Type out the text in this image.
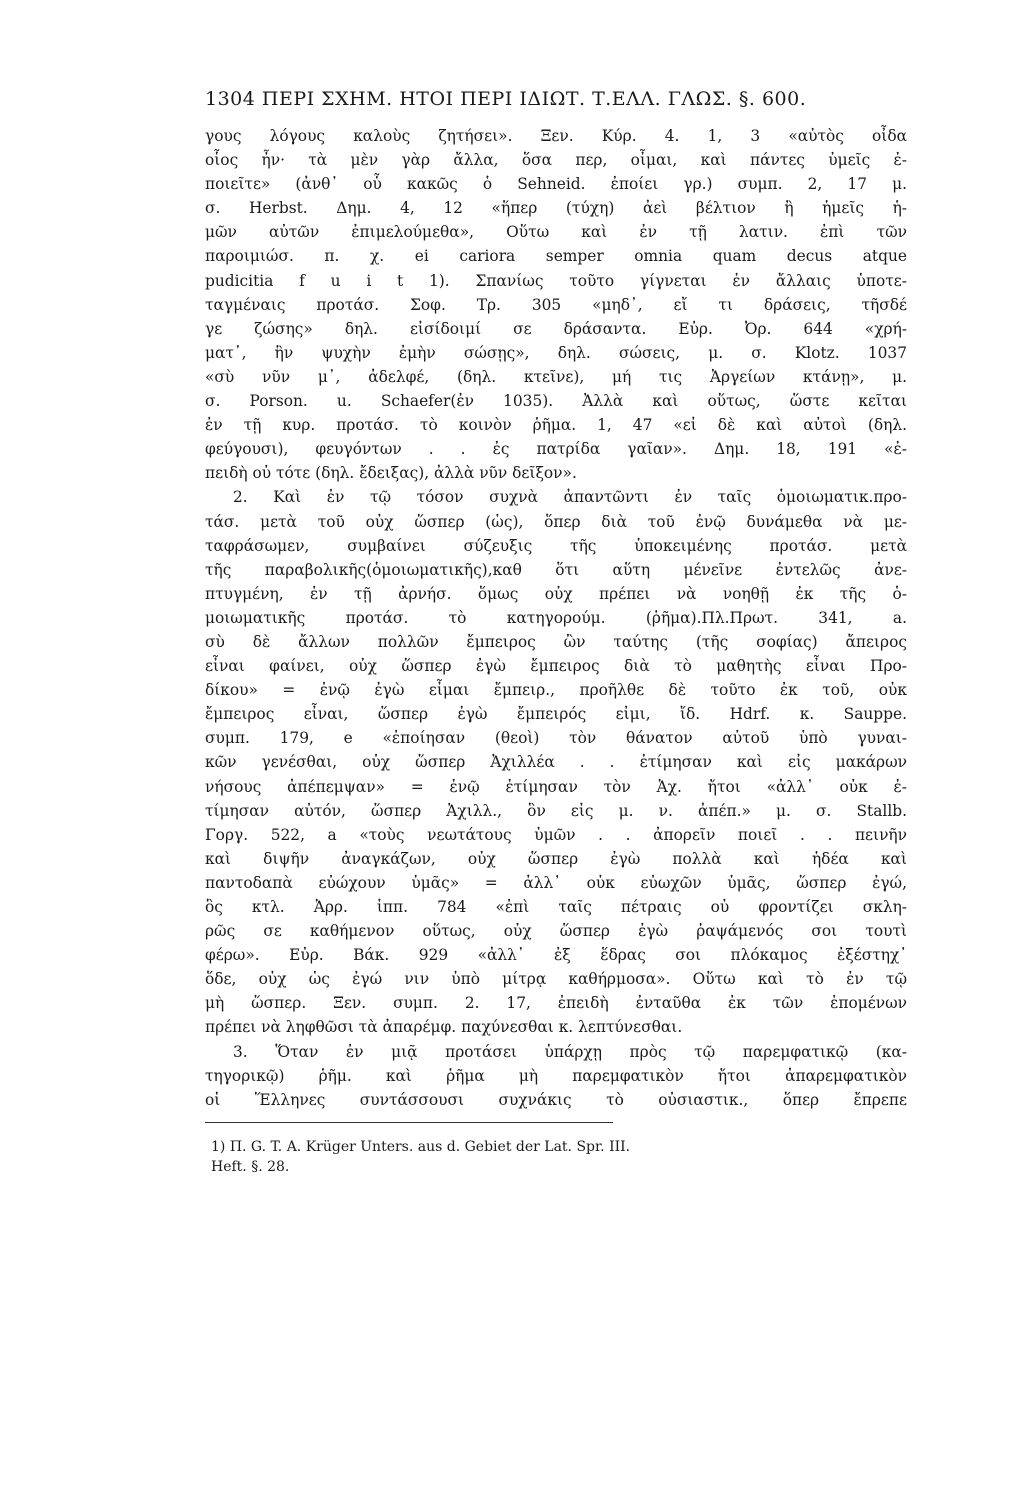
1304 ΠΕΡΙ ΣΧΗΜ. ΗΤΟΙ ΠΕΡΙ ΙΔΙΩΤ. Τ.ΕΛΛ. ΓΛΩΣ. §. 600.
γους λόγους καλοὺς ζητήσει». Ξεν. Κύρ. 4. 1, 3 «αὐτὸς οἶδα
οἷος ἦν· τὰ μὲν γὰρ ἄλλα, ὅσα περ, οἶμαι, καὶ πάντες ὑμεῖς ἐ-
ποιεῖτε» (ἀνθ᾽ οὗ κακῶς ὁ Sehneid. ἐποίει γρ.) συμπ. 2, 17 μ.
σ. Herbst. Δημ. 4, 12 «ἥπερ (τύχη) ἀεὶ βέλτιον ἢ ἡμεῖς ἡ-
μῶν αὐτῶν ἐπιμελούμεθα», Οὕτω καὶ ἐν τῇ λατιν. ἐπὶ τῶν
παροιμιώσ. π. χ. ei cariora semper omnia quam decus atque
pudicitia f u i t 1). Σπανίως τοῦτο γίγνεται ἐν ἄλλαις ὑποτε-
ταγμέναις προτάσ. Σοφ. Τρ. 305 «μηδ᾽, εἴ τι δράσεις, τῆσδέ
γε ζώσης» δηλ. εἰσίδοιμί σε δράσαντα. Εὐρ. Ὀρ. 644 «χρή-
ματ᾽, ἣν ψυχὴν ἐμὴν σώσῃς», δηλ. σώσεις, μ. σ. Klotz. 1037
«σὺ νῦν μ᾽, ἀδελφέ, (δηλ. κτεῖνε), μή τις Ἀργείων κτάνῃ», μ.
σ. Porson. u. Schaefer(ἐν 1035). Ἀλλὰ καὶ οὕτως, ὥστε κεῖται
ἐν τῇ κυρ. προτάσ. τὸ κοινὸν ῥῆμα. 1, 47 «εἰ δὲ καὶ αὐτοὶ (δηλ.
φεύγουσι), φευγόντων . . ἐς πατρίδα γαῖαν». Δημ. 18, 191 «ἐ-
πειδὴ οὐ τότε (δηλ. ἔδειξας), ἀλλὰ νῦν δεῖξον».
2. Καὶ ἐν τῷ τόσον συχνὰ ἀπαντῶντι ἐν ταῖς ὁμοιωματικ.προ-
τάσ. μετὰ τοῦ οὐχ ὥσπερ (ὡς), ὅπερ διὰ τοῦ ἐνῷ δυνάμεθα νὰ με-
ταφράσωμεν, συμβαίνει σύζευξις τῆς ὑποκειμένης προτάσ. μετὰ
τῆς παραβολικῆς(ὁμοιωματικῆς),καθ ὅτι αὕτη μένεῖνε ἐντελῶς ἀνε-
πτυγμένη, ἐν τῇ ἀρνήσ. ὅμως οὐχ πρέπει νὰ νοηθῇ ἐκ τῆς ὁ-
μοιωματικῆς προτάσ. τὸ κατηγορούμ. (ῥῆμα).Πλ.Πρωτ. 341, a.
σὺ δὲ ἄλλων πολλῶν ἔμπειρος ὢν ταύτης (τῆς σοφίας) ἄπειρος
εἶναι φαίνει, οὐχ ὥσπερ ἐγὼ ἔμπειρος διὰ τὸ μαθητὴς εἶναι Προ-
δίκου» = ἐνῷ ἐγὼ εἶμαι ἔμπειρ., προῆλθε δὲ τοῦτο ἐκ τοῦ, οὐκ
ἔμπειρος εἶναι, ὥσπερ ἐγὼ ἔμπειρός εἰμι, ἴδ. Hdrf. κ. Sauppe.
συμπ. 179, e «ἐποίησαν (θεοὶ) τὸν θάνατον αὐτοῦ ὑπὸ γυναι-
κῶν γενέσθαι, οὐχ ὥσπερ Ἀχιλλέα . . ἐτίμησαν καὶ εἰς μακάρων
νήσους ἀπέπεμψαν» = ἐνῷ ἐτίμησαν τὸν Ἀχ. ἤτοι «ἀλλ᾽ οὐκ ἐ-
τίμησαν αὐτόν, ὥσπερ Ἀχιλλ., ὃν εἰς μ. ν. ἀπέπ.» μ. σ. Stallb.
Γοργ. 522, a «τοὺς νεωτάτους ὑμῶν . . ἀπορεῖν ποιεῖ . . πεινῆν
καὶ διψῆν ἀναγκάζων, οὐχ ὥσπερ ἐγὼ πολλὰ καὶ ἡδέα καὶ
παντοδαπὰ εὐώχουν ὑμᾶς» = ἀλλ᾽ οὐκ εὐωχῶν ὑμᾶς, ὥσπερ ἐγώ,
ὃς κτλ. Ἀρρ. ἱππ. 784 «ἐπὶ ταῖς πέτραις οὐ φροντίζει σκλη-
ρῶς σε καθήμενον οὕτως, οὐχ ὥσπερ ἐγὼ ῥαψάμενός σοι τουτὶ
φέρω». Εὐρ. Βάκ. 929 «ἀλλ᾽ ἐξ ἕδρας σοι πλόκαμος ἐξέστηχ᾽
ὅδε, οὐχ ὡς ἐγώ νιν ὑπὸ μίτρᾳ καθήρμοσα». Οὕτω καὶ τὸ ἐν τῷ
μὴ ὥσπερ. Ξεν. συμπ. 2. 17, ἐπειδὴ ἐνταῦθα ἐκ τῶν ἑπομένων
πρέπει νὰ ληφθῶσι τὰ ἀπαρέμφ. παχύνεσθαι κ. λεπτύνεσθαι.
3. Ὅταν ἐν μιᾷ προτάσει ὑπάρχῃ πρὸς τῷ παρεμφατικῷ (κα-
τηγορικῷ) ῥῆμ. καὶ ῥῆμα μὴ παρεμφατικὸν ἤτοι ἀπαρεμφατικὸν
οἱ Ἕλληνες συντάσσουσι συχνάκις τὸ οὐσιαστικ., ὅπερ ἔπρεπε
1) Π. G. T. A. Krüger Unters. aus d. Gebiet der Lat. Spr. III.
Heft. §. 28.
